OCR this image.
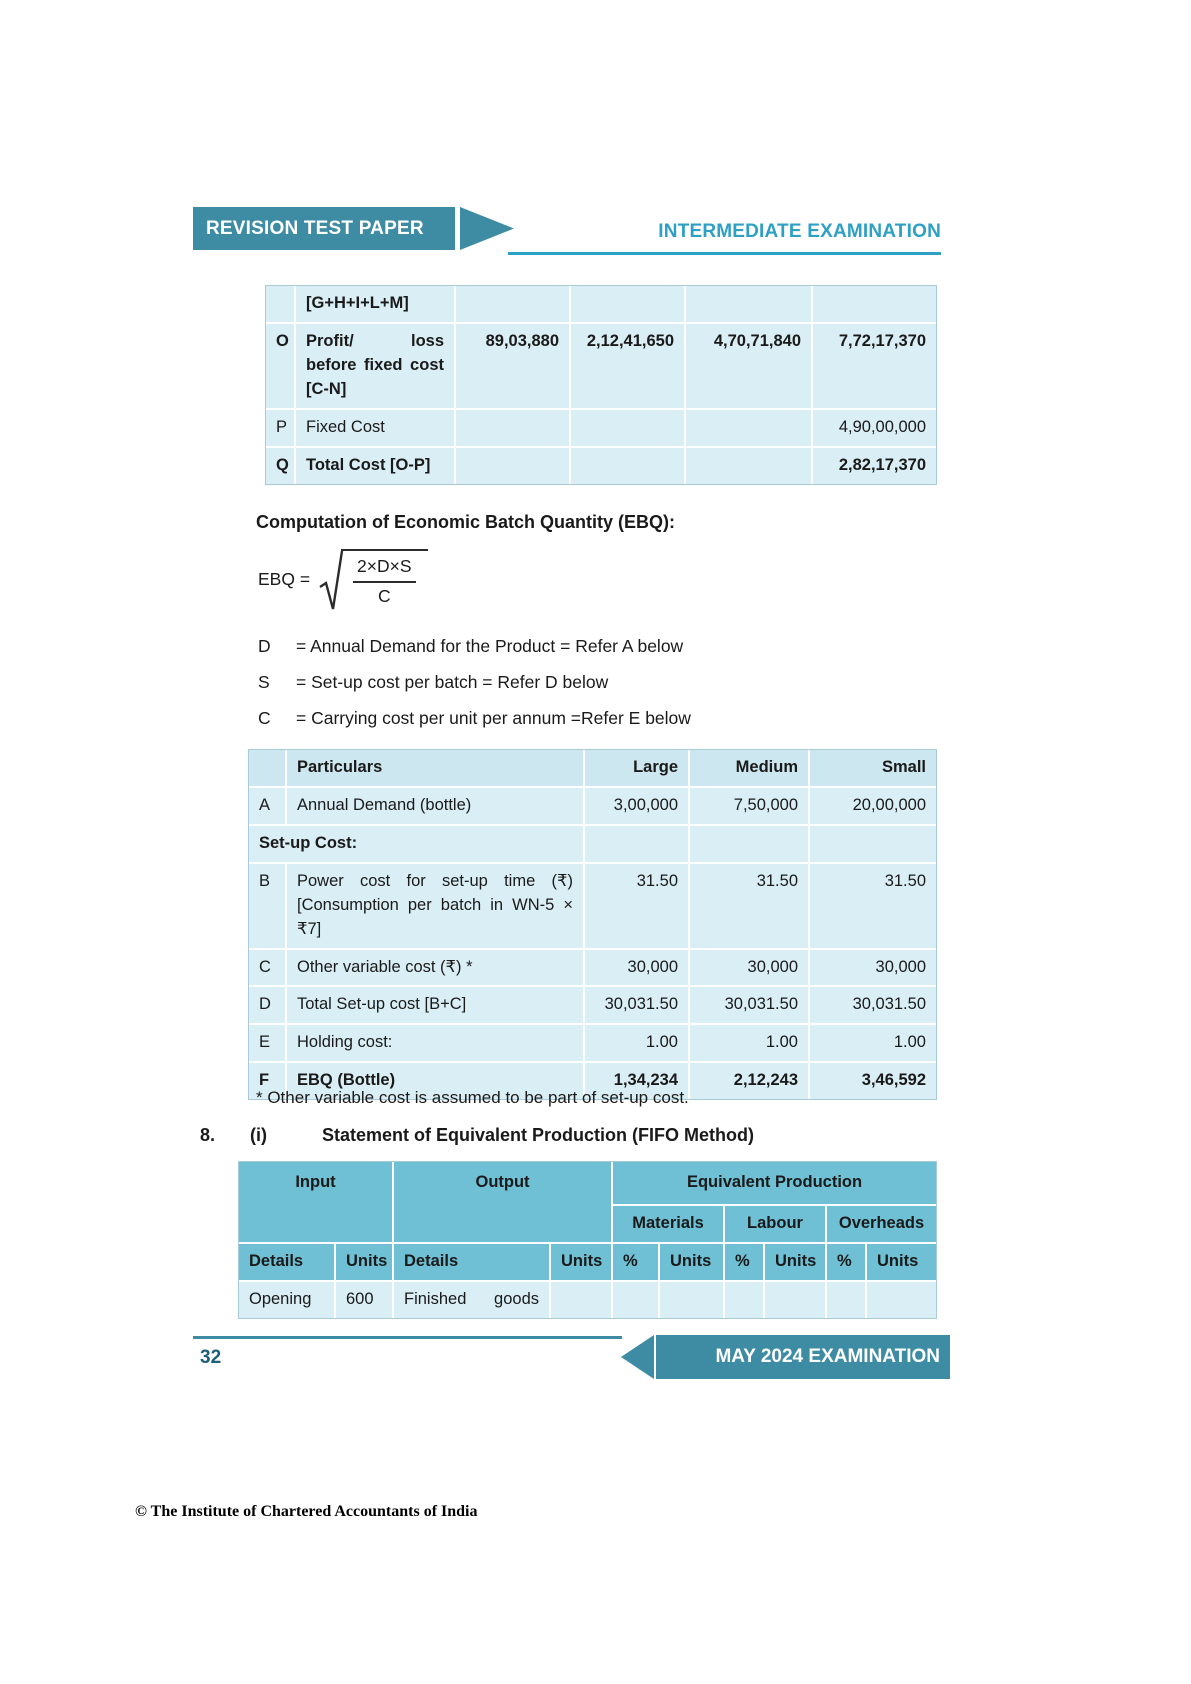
REVISION TEST PAPER	INTERMEDIATE EXAMINATION
	[G+H+I+L+M]				
O	Profit/ loss before fixed cost [C-N]	89,03,880	2,12,41,650	4,70,71,840	7,72,17,370
P	Fixed Cost				4,90,00,000
Q	Total Cost [O-P]				2,82,17,370
Computation of Economic Batch Quantity (EBQ):
EBQ =
2×D×S
C
D = Annual Demand for the Product = Refer A below
S = Set-up cost per batch = Refer D below
C = Carrying cost per unit per annum =Refer E below
	Particulars	Large	Medium	Small
A	Annual Demand (bottle)	3,00,000	7,50,000	20,00,000
Set-up Cost:				
B	Power cost for set-up time (₹) [Consumption per batch in WN-5 × ₹7]	31.50	31.50	31.50
C	Other variable cost (₹) *	30,000	30,000	30,000
D	Total Set-up cost [B+C]	30,031.50	30,031.50	30,031.50
E	Holding cost:	1.00	1.00	1.00
F	EBQ (Bottle)	1,34,234	2,12,243	3,46,592
* Other variable cost is assumed to be part of set-up cost.
8. (i)	Statement of Equivalent Production (FIFO Method)
Input		Output		Equivalent Production					
				Materials		Labour		Overheads	
Details	Units	Details	Units	%	Units	%	Units	%	Units
Opening	600	Finished goods							
MAY 2024 EXAMINATION
32
© The Institute of Chartered Accountants of India
